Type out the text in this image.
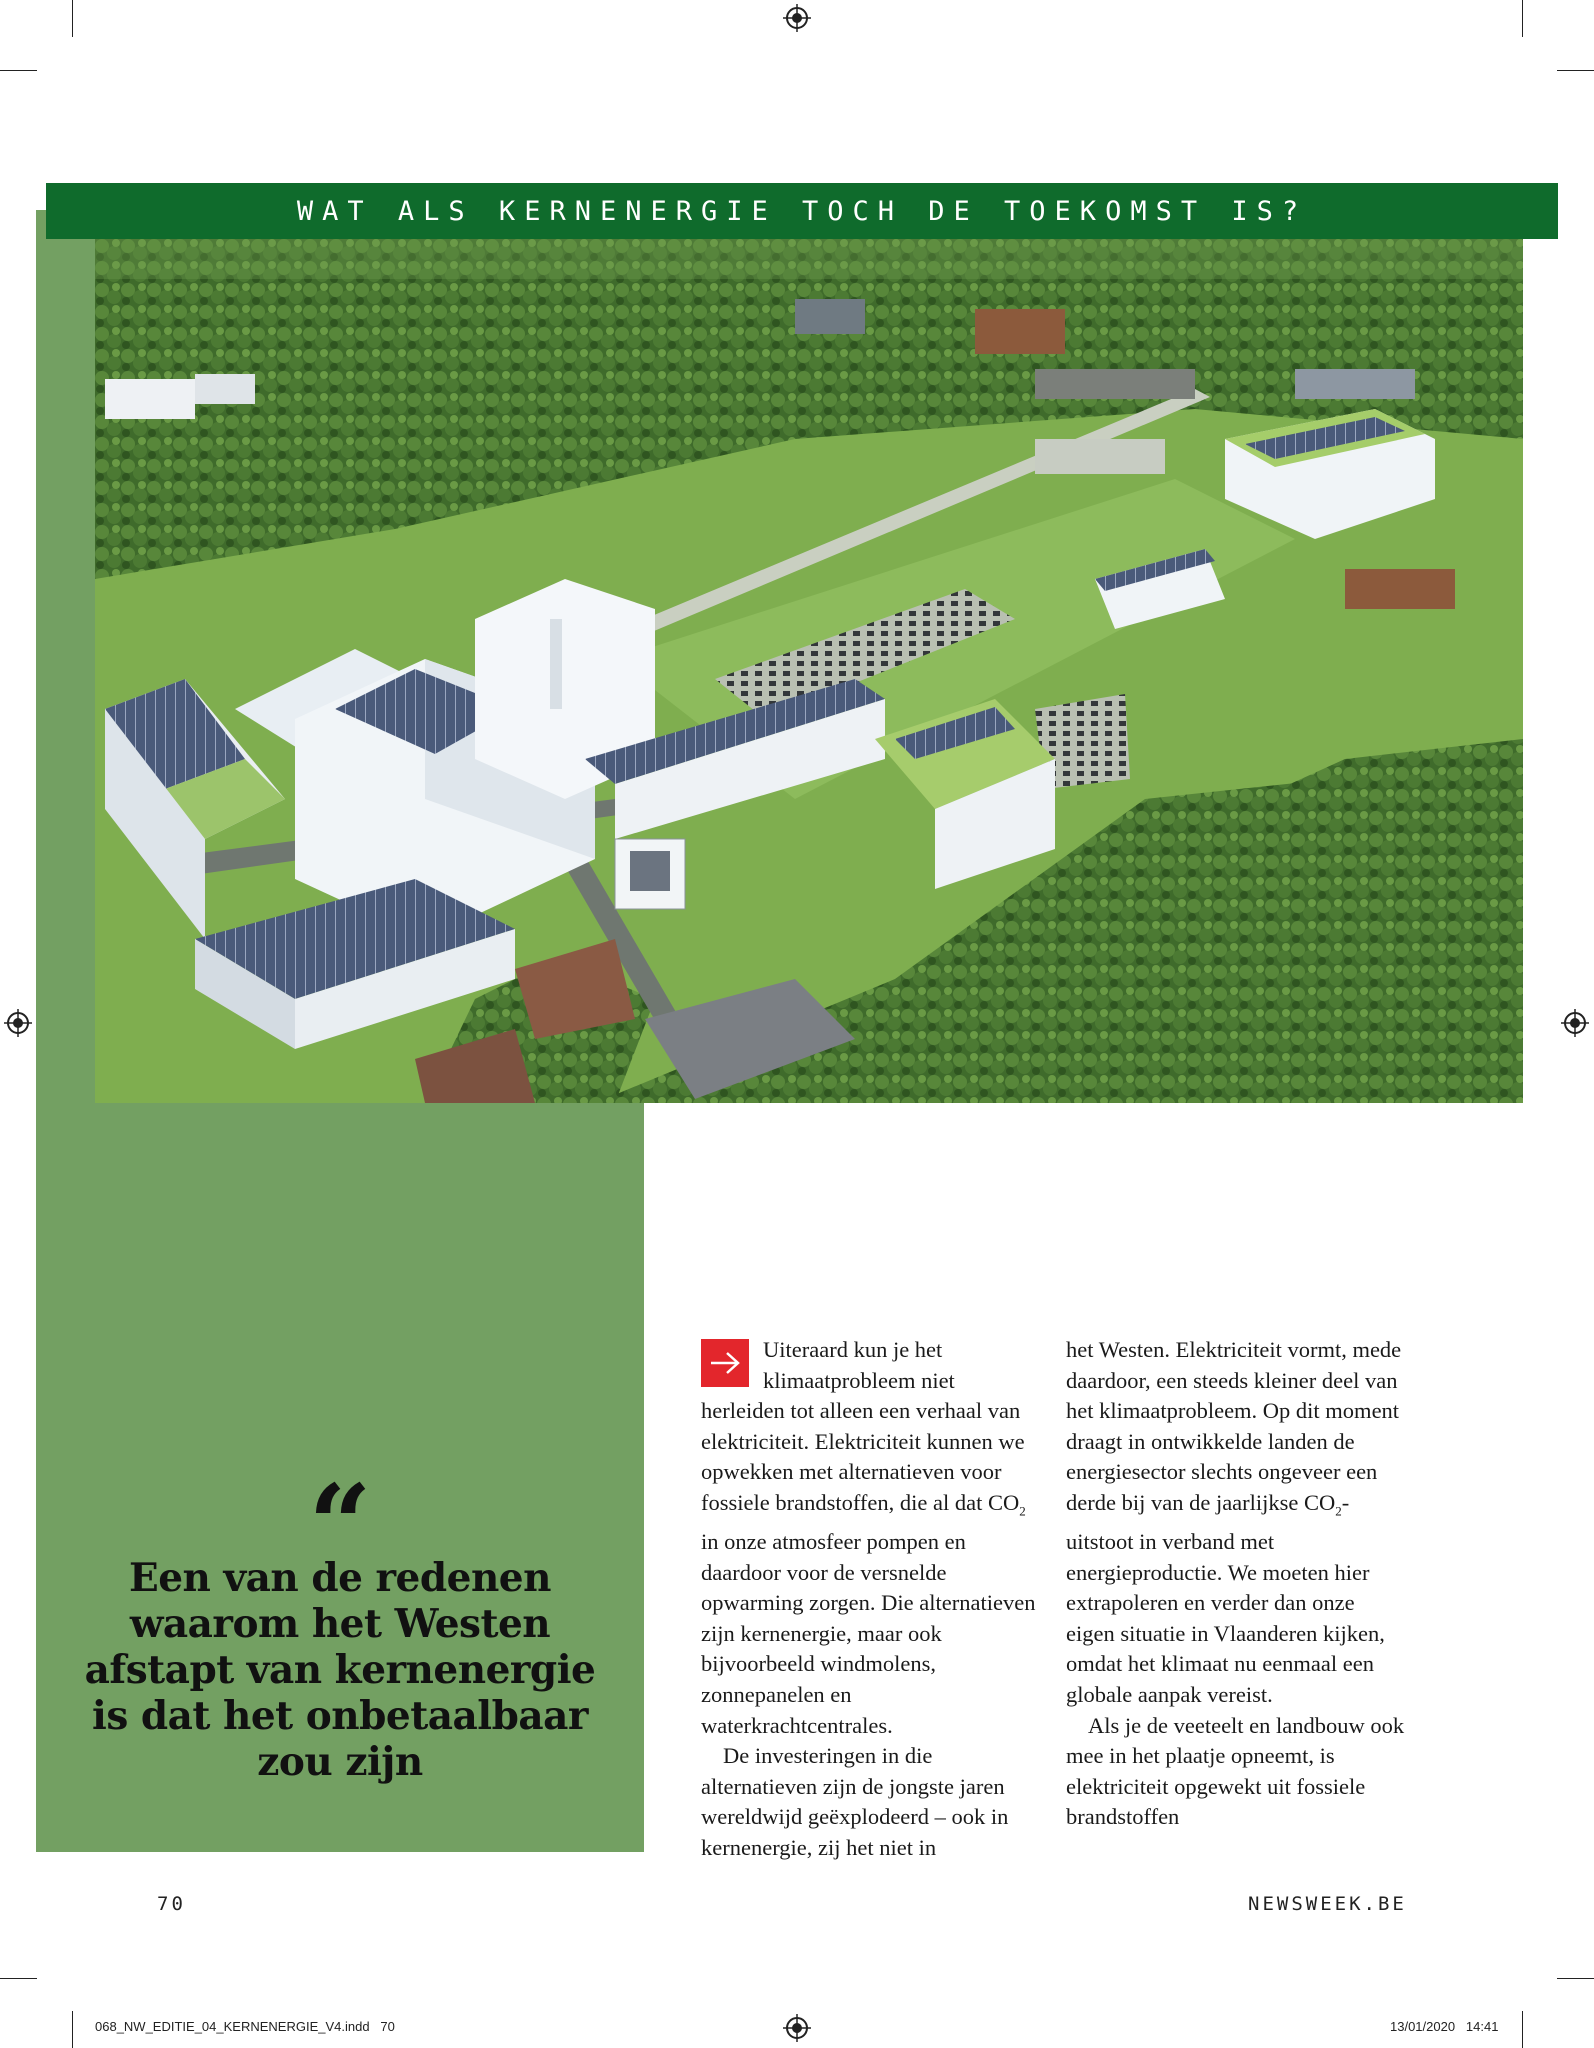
WAT ALS KERNENERGIE TOCH DE TOEKOMST IS?
“
Een van de redenen waarom het Westen afstapt van kernenergie is dat het onbetaalbaar zou zijn

Uiteraard kun je het klimaatprobleem niet herleiden tot alleen een verhaal van elektriciteit. Elektriciteit kunnen we opwekken met alternatieven voor fossiele brandstoffen, die al dat $CO_2$ in onze atmosfeer pompen en daardoor voor de versnelde opwarming zorgen. Die alternatieven zijn kernenergie, maar ook bijvoorbeeld windmolens, zonnepanelen en waterkrachtcentrales.

De investeringen in die alternatieven zijn de jongste jaren wereldwijd geëxplodeerd – ook in kernenergie, zij het niet in

het Westen. Elektriciteit vormt, mede daardoor, een steeds kleiner deel van het klimaatprobleem. Op dit moment draagt in ontwikkelde landen de energiesector slechts ongeveer een derde bij van de jaarlijkse $CO_2$-uitstoot in verband met energieproductie. We moeten hier extrapoleren en verder dan onze eigen situatie in Vlaanderen kijken, omdat het klimaat nu eenmaal een globale aanpak vereist.

Als je de veeteelt en landbouw ook mee in het plaatje opneemt, is elektriciteit opgewekt uit fossiele brandstoffen

70	NEWSWEEK.BE
068_NW_EDITIE_04_KERNENERGIE_V4.indd   70	13/01/2020   14:41
